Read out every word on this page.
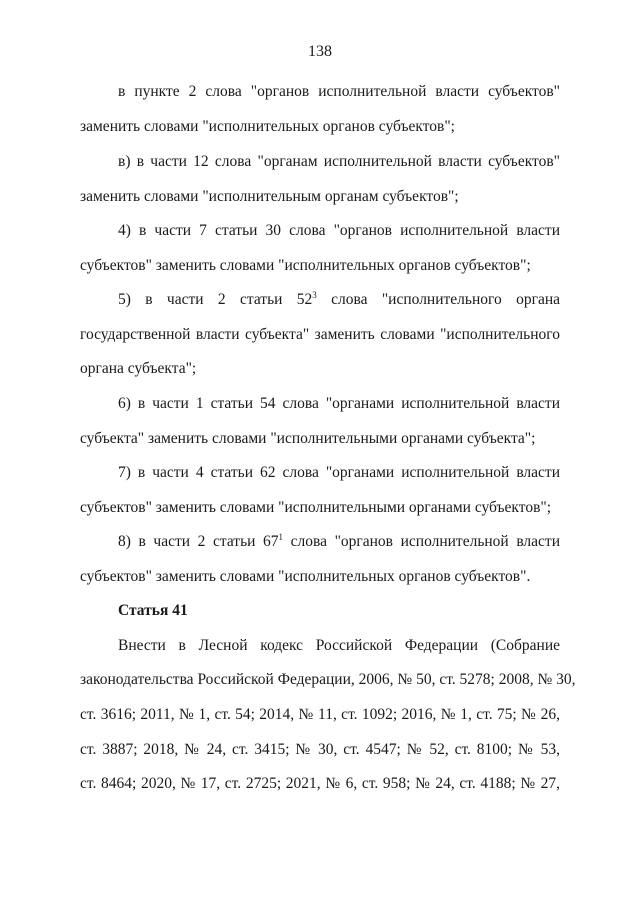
138
в пункте 2 слова "органов исполнительной власти субъектов"
заменить словами "исполнительных органов субъектов";
в) в части 12 слова "органам исполнительной власти субъектов"
заменить словами "исполнительным органам субъектов";
4) в части 7 статьи 30 слова "органов исполнительной власти
субъектов" заменить словами "исполнительных органов субъектов";
5) в части 2 статьи $52^3$ слова "исполнительного органа
государственной власти субъекта" заменить словами "исполнительного
органа субъекта";
6) в части 1 статьи 54 слова "органами исполнительной власти
субъекта" заменить словами "исполнительными органами субъекта";
7) в части 4 статьи 62 слова "органами исполнительной власти
субъектов" заменить словами "исполнительными органами субъектов";
8) в части 2 статьи $67^1$ слова "органов исполнительной власти
субъектов" заменить словами "исполнительных органов субъектов".
Статья 41
Внести в Лесной кодекс Российской Федерации (Собрание
законодательства Российской Федерации, 2006, № 50, ст. 5278; 2008, № 30,
ст. 3616; 2011, № 1, ст. 54; 2014, № 11, ст. 1092; 2016, № 1, ст. 75; № 26,
ст. 3887; 2018, № 24, ст. 3415; № 30, ст. 4547; № 52, ст. 8100; № 53,
ст. 8464; 2020, № 17, ст. 2725; 2021, № 6, ст. 958; № 24, ст. 4188; № 27,
